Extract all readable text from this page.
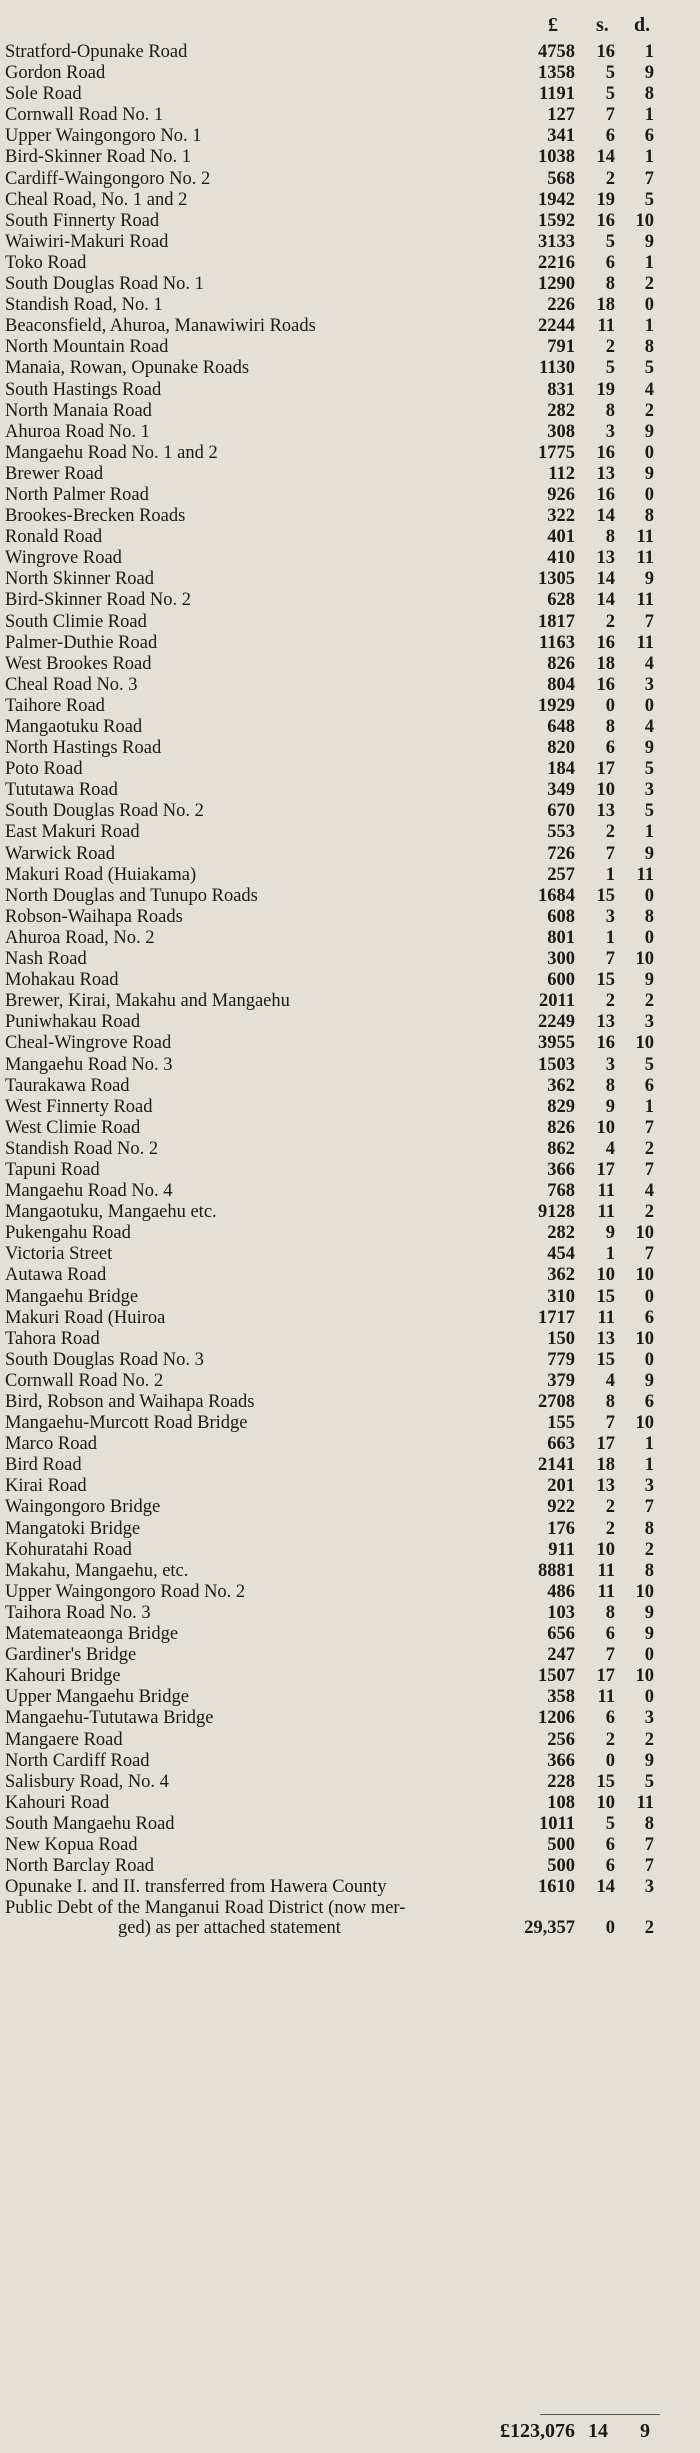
£ s. d.
Stratford-Opunake Road	4758	16	1
Gordon Road	1358	5	9
Sole Road	1191	5	8
Cornwall Road No. 1	127	7	1
Upper Waingongoro No. 1	341	6	6
Bird-Skinner Road No. 1	1038	14	1
Cardiff-Waingongoro No. 2	568	2	7
Cheal Road, No. 1 and 2	1942	19	5
South Finnerty Road	1592	16	10
Waiwiri-Makuri Road	3133	5	9
Toko Road	2216	6	1
South Douglas Road No. 1	1290	8	2
Standish Road, No. 1	226	18	0
Beaconsfield, Ahuroa, Manawiwiri Roads	2244	11	1
North Mountain Road	791	2	8
Manaia, Rowan, Opunake Roads	1130	5	5
South Hastings Road	831	19	4
North Manaia Road	282	8	2
Ahuroa Road No. 1	308	3	9
Mangaehu Road No. 1 and 2	1775	16	0
Brewer Road	112	13	9
North Palmer Road	926	16	0
Brookes-Brecken Roads	322	14	8
Ronald Road	401	8	11
Wingrove Road	410	13	11
North Skinner Road	1305	14	9
Bird-Skinner Road No. 2	628	14	11
South Climie Road	1817	2	7
Palmer-Duthie Road	1163	16	11
West Brookes Road	826	18	4
Cheal Road No. 3	804	16	3
Taihore Road	1929	0	0
Mangaotuku Road	648	8	4
North Hastings Road	820	6	9
Poto Road	184	17	5
Tututawa Road	349	10	3
South Douglas Road No. 2	670	13	5
East Makuri Road	553	2	1
Warwick Road	726	7	9
Makuri Road (Huiakama)	257	1	11
North Douglas and Tunupo Roads	1684	15	0
Robson-Waihapa Roads	608	3	8
Ahuroa Road, No. 2	801	1	0
Nash Road	300	7	10
Mohakau Road	600	15	9
Brewer, Kirai, Makahu and Mangaehu	2011	2	2
Puniwhakau Road	2249	13	3
Cheal-Wingrove Road	3955	16	10
Mangaehu Road No. 3	1503	3	5
Taurakawa Road	362	8	6
West Finnerty Road	829	9	1
West Climie Road	826	10	7
Standish Road No. 2	862	4	2
Tapuni Road	366	17	7
Mangaehu Road No. 4	768	11	4
Mangaotuku, Mangaehu etc.	9128	11	2
Pukengahu Road	282	9	10
Victoria Street	454	1	7
Autawa Road	362	10	10
Mangaehu Bridge	310	15	0
Makuri Road (Huiroa	1717	11	6
Tahora Road	150	13	10
South Douglas Road No. 3	779	15	0
Cornwall Road No. 2	379	4	9
Bird, Robson and Waihapa Roads	2708	8	6
Mangaehu-Murcott Road Bridge	155	7	10
Marco Road	663	17	1
Bird Road	2141	18	1
Kirai Road	201	13	3
Waingongoro Bridge	922	2	7
Mangatoki Bridge	176	2	8
Kohuratahi Road	911	10	2
Makahu, Mangaehu, etc.	8881	11	8
Upper Waingongoro Road No. 2	486	11	10
Taihora Road No. 3	103	8	9
Matemateaonga Bridge	656	6	9
Gardiner's Bridge	247	7	0
Kahouri Bridge	1507	17	10
Upper Mangaehu Bridge	358	11	0
Mangaehu-Tututawa Bridge	1206	6	3
Mangaere Road	256	2	2
North Cardiff Road	366	0	9
Salisbury Road, No. 4	228	15	5
Kahouri Road	108	10	11
South Mangaehu Road	1011	5	8
New Kopua Road	500	6	7
North Barclay Road	500	6	7
Opunake I. and II. transferred from Hawera County	1610	14	3
Public Debt of the Manganui Road District (now mer-
ged) as per attached statement	29,357	0	2
£123,076 14 9
